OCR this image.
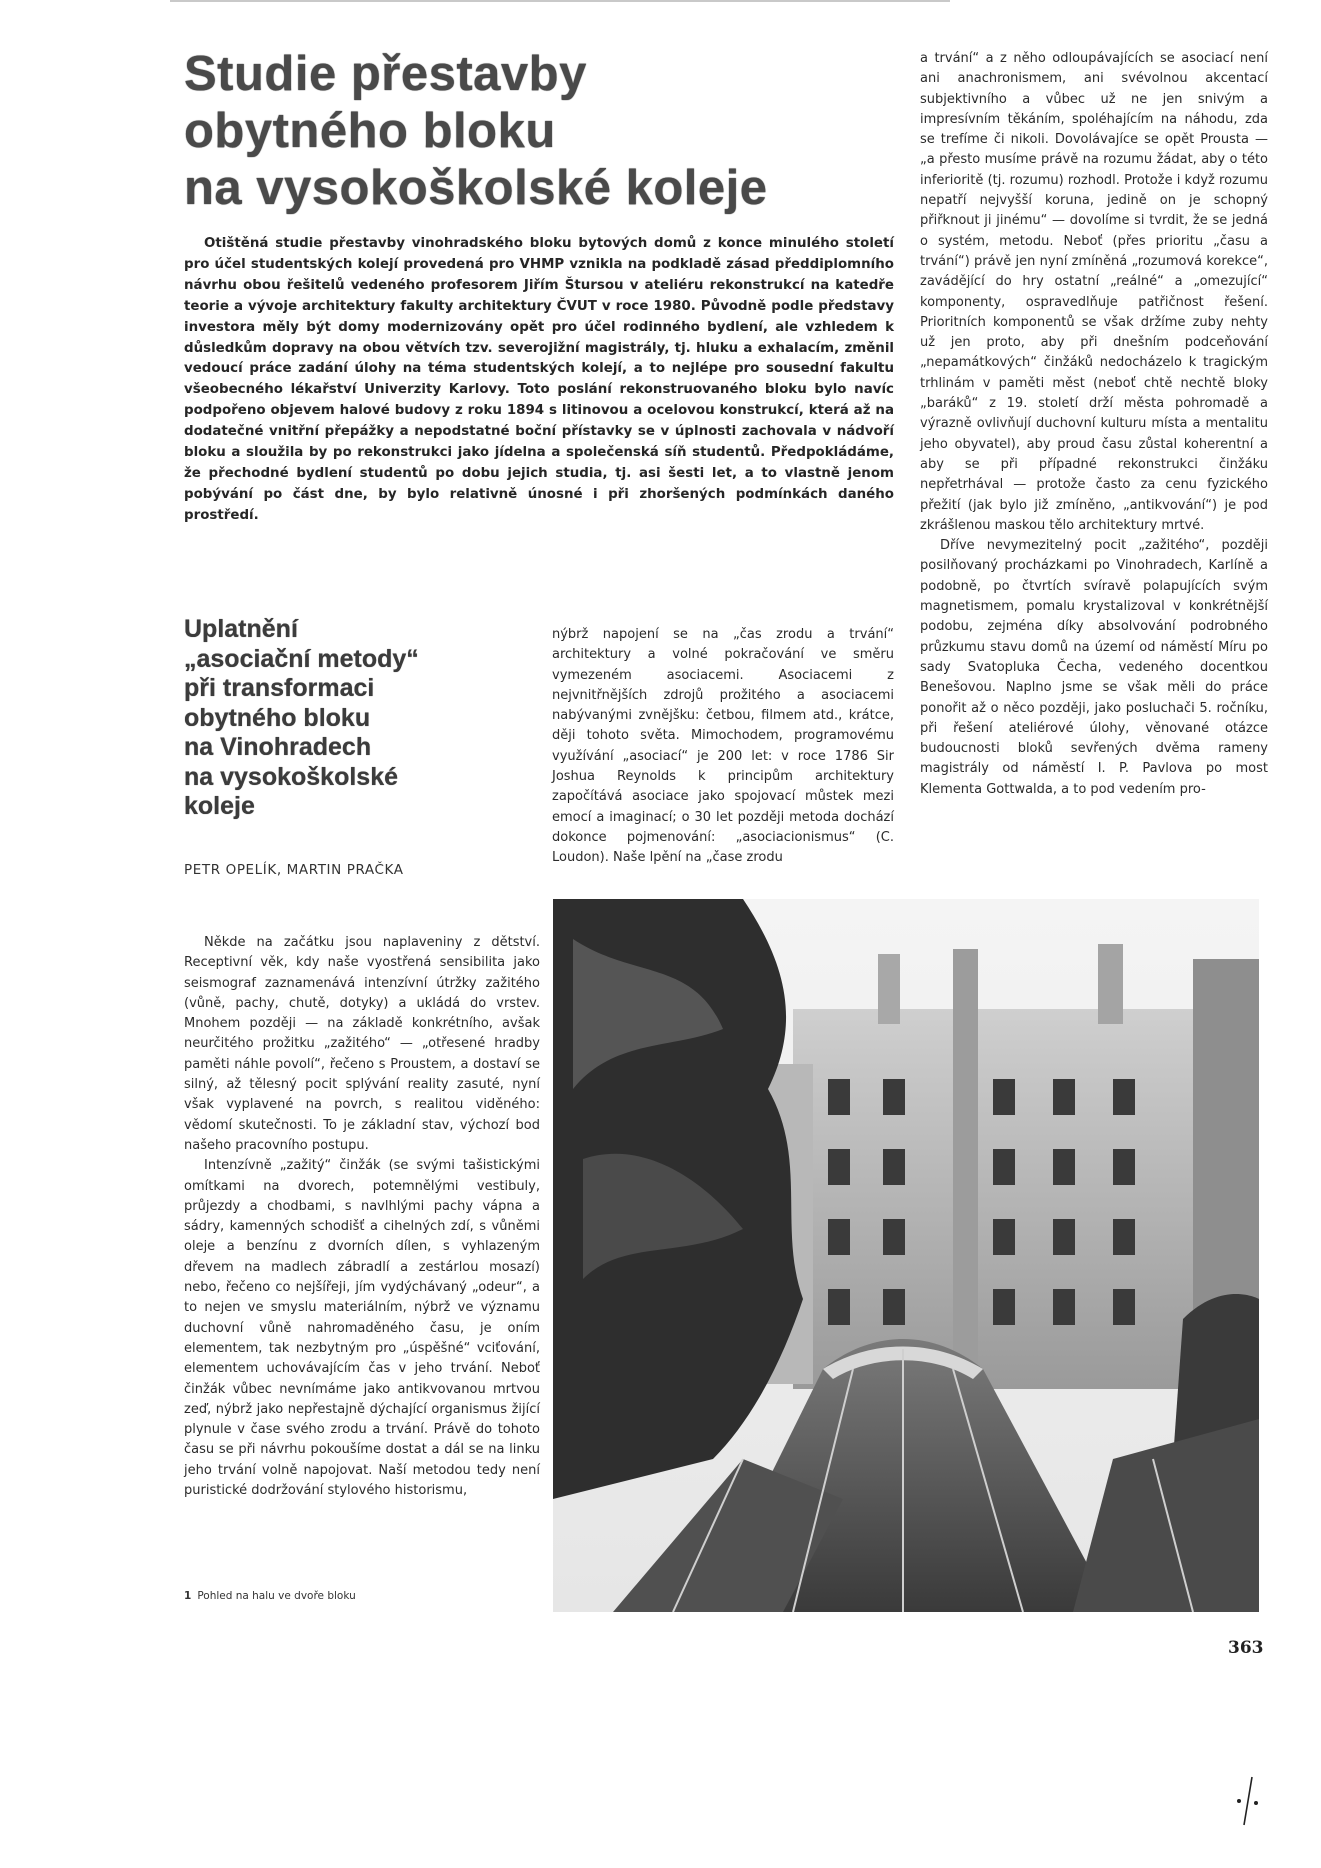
Studie přestavby
obytného bloku
na vysokoškolské koleje

Otištěná studie přestavby vinohradského bloku bytových domů z konce minulého století pro účel studentských kolejí provedená pro VHMP vznikla na podkladě zásad předdiplomního návrhu obou řešitelů vedeného profesorem Jiřím Štursou v ateliéru rekonstrukcí na katedře teorie a vývoje architektury fakulty architektury ČVUT v roce 1980. Původně podle představy investora měly být domy modernizovány opět pro účel rodinného bydlení, ale vzhledem k důsledkům dopravy na obou větvích tzv. severojižní magistrály, tj. hluku a exhalacím, změnil vedoucí práce zadání úlohy na téma studentských kolejí, a to nejlépe pro sousední fakultu všeobecného lékařství Univerzity Karlovy. Toto poslání rekonstruovaného bloku bylo navíc podpořeno objevem halové budovy z roku 1894 s litinovou a ocelovou konstrukcí, která až na dodatečné vnitřní přepážky a nepodstatné boční přístavky se v úplnosti zachovala v nádvoří bloku a sloužila by po rekonstrukci jako jídelna a společenská síň studentů. Předpokládáme, že přechodné bydlení studentů po dobu jejich studia, tj. asi šesti let, a to vlastně jenom pobývání po část dne, by bylo relativně únosné i při zhoršených podmínkách daného prostředí.

a trvání“ a z něho odloupávajících se asociací není ani anachronismem, ani svévolnou akcentací subjektivního a vůbec už ne jen snivým a impresívním těkáním, spoléhajícím na náhodu, zda se trefíme či nikoli. Dovolávajíce se opět Prousta — „a přesto musíme právě na rozumu žádat, aby o této inferioritě (tj. rozumu) rozhodl. Protože i když rozumu nepatří nejvyšší koruna, jedině on je schopný přiřknout ji jinému“ — dovolíme si tvrdit, že se jedná o systém, metodu. Neboť (přes prioritu „času a trvání“) právě jen nyní zmíněná „rozumová korekce“, zavádějící do hry ostatní „reálné“ a „omezující“ komponenty, ospravedlňuje patřičnost řešení. Prioritních komponentů se však držíme zuby nehty už jen proto, aby při dnešním podceňování „nepamátkových“ činžáků nedocházelo k tragickým trhlinám v paměti měst (neboť chtě nechtě bloky „baráků“ z 19. století drží města pohromadě a výrazně ovlivňují duchovní kulturu místa a mentalitu jeho obyvatel), aby proud času zůstal koherentní a aby se při případné rekonstrukci činžáku nepřetrhával — protože často za cenu fyzického přežití (jak bylo již zmíněno, „antikvování“) je pod zkrášlenou maskou tělo architektury mrtvé.

Dříve nevymezitelný pocit „zažitého“, později posilňovaný procházkami po Vinohradech, Karlíně a podobně, po čtvrtích svíravě polapujících svým magnetismem, pomalu krystalizoval v konkrétnější podobu, zejména díky absolvování podrobného průzkumu stavu domů na území od náměstí Míru po sady Svatopluka Čecha, vedeného docentkou Benešovou. Naplno jsme se však měli do práce ponořit až o něco později, jako posluchači 5. ročníku, při řešení ateliérové úlohy, věnované otázce budoucnosti bloků sevřených dvěma rameny magistrály od náměstí I. P. Pavlova po most Klementa Gottwalda, a to pod vedením pro-

Uplatnění
„asociační metody“
při transformaci
obytného bloku
na Vinohradech
na vysokoškolské
koleje
PETR OPELÍK, MARTIN PRAČKA

nýbrž napojení se na „čas zrodu a trvání“ architektury a volné pokračování ve směru vymezeném asociacemi. Asociacemi z nejvnitřnějších zdrojů prožitého a asociacemi nabývanými zvnějšku: četbou, filmem atd., krátce, ději tohoto světa. Mimochodem, programovému využívání „asociací“ je 200 let: v roce 1786 Sir Joshua Reynolds k principům architektury započítává asociace jako spojovací můstek mezi emocí a imaginací; o 30 let později metoda dochází dokonce pojmenování: „asociacionismus“ (C. Loudon). Naše lpění na „čase zrodu

Někde na začátku jsou naplaveniny z dětství. Receptivní věk, kdy naše vyostřená sensibilita jako seismograf zaznamenává intenzívní útržky zažitého (vůně, pachy, chutě, dotyky) a ukládá do vrstev. Mnohem později — na základě konkrétního, avšak neurčitého prožitku „zažitého“ — „otřesené hradby paměti náhle povolí“, řečeno s Proustem, a dostaví se silný, až tělesný pocit splývání reality zasuté, nyní však vyplavené na povrch, s realitou viděného: vědomí skutečnosti. To je základní stav, výchozí bod našeho pracovního postupu.

Intenzívně „zažitý“ činžák (se svými tašistickými omítkami na dvorech, potemnělými vestibuly, průjezdy a chodbami, s navlhlými pachy vápna a sádry, kamenných schodišť a cihelných zdí, s vůněmi oleje a benzínu z dvorních dílen, s vyhlazeným dřevem na madlech zábradlí a zestárlou mosazí) nebo, řečeno co nejšířeji, jím vydýchávaný „odeur“, a to nejen ve smyslu materiálním, nýbrž ve významu duchovní vůně nahromaděného času, je oním elementem, tak nezbytným pro „úspěšné“ vciťování, elementem uchovávajícím čas v jeho trvání. Neboť činžák vůbec nevnímáme jako antikvovanou mrtvou zeď, nýbrž jako nepřestajně dýchající organismus žijící plynule v čase svého zrodu a trvání. Právě do tohoto času se při návrhu pokoušíme dostat a dál se na linku jeho trvání volně napojovat. Naší metodou tedy není puristické dodržování stylového historismu,

1 Pohled na halu ve dvoře bloku
363
